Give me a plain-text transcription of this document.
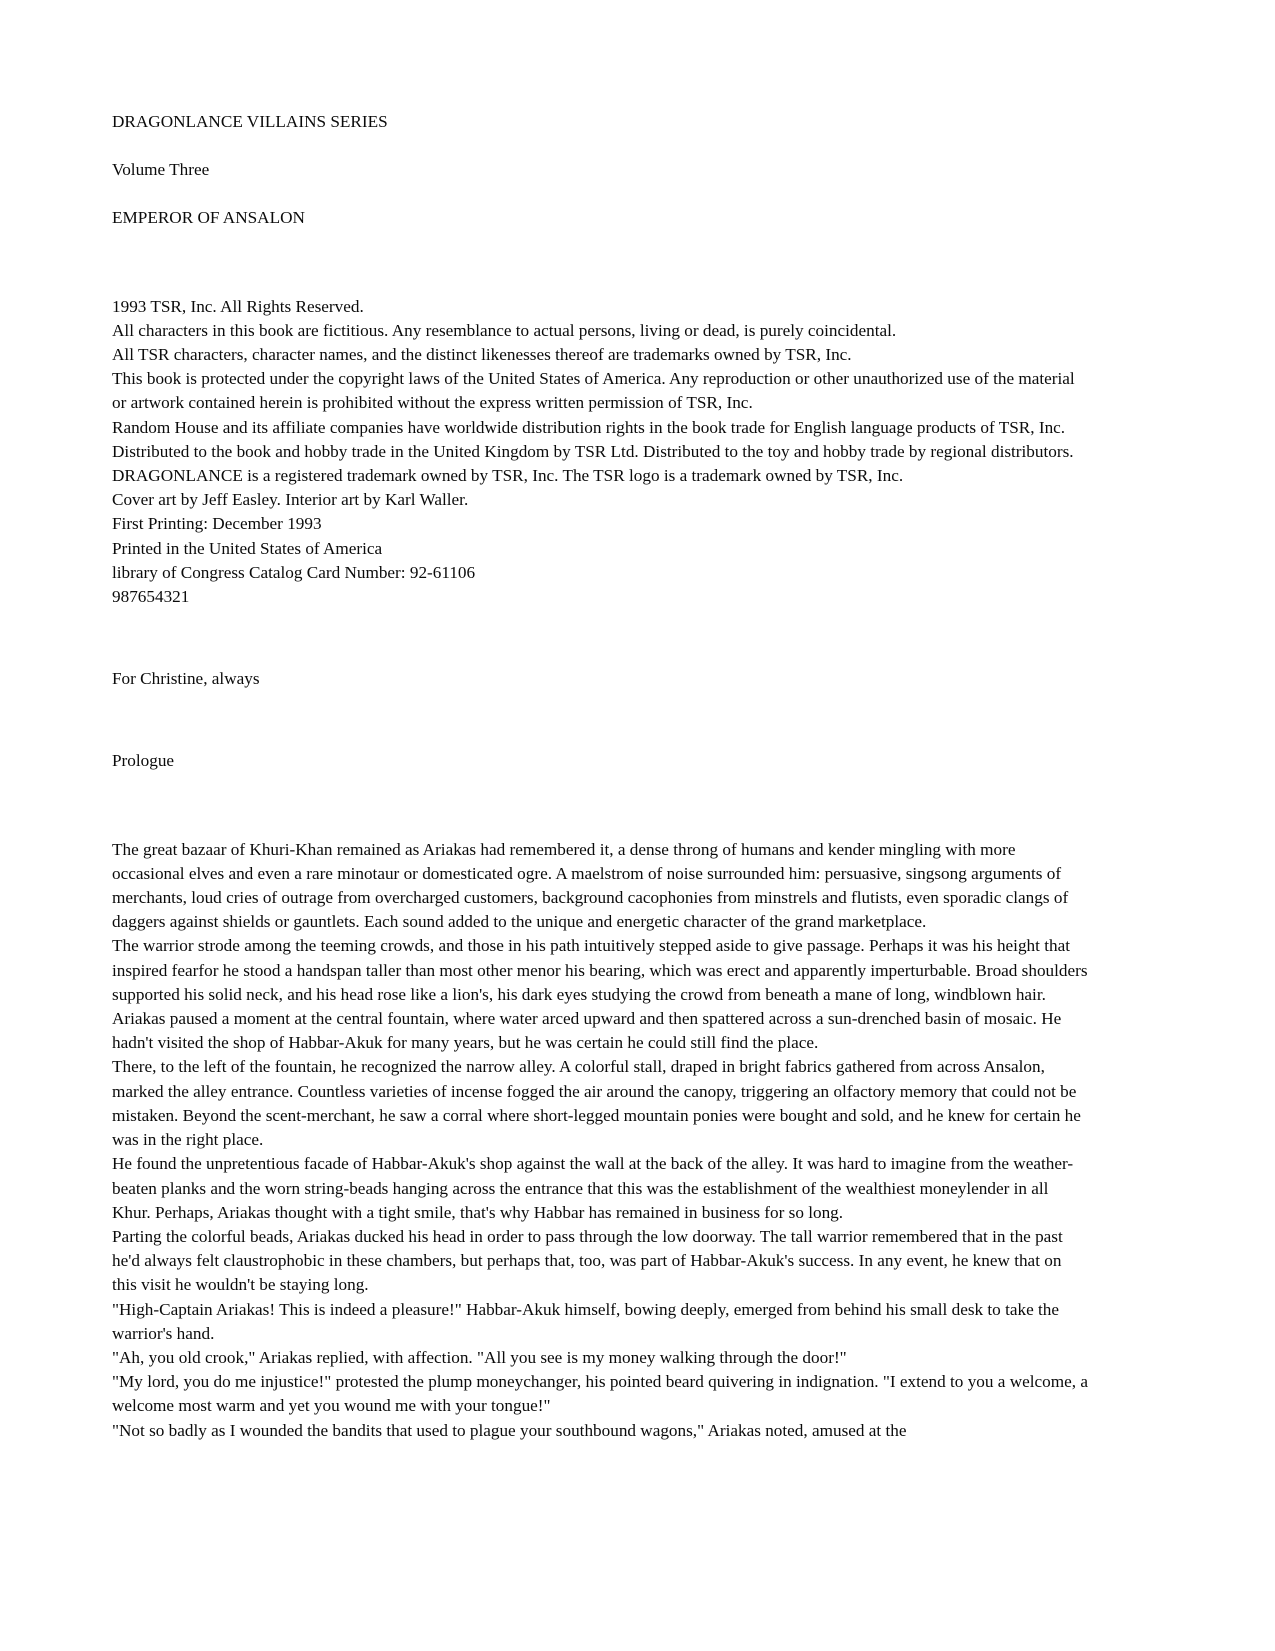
DRAGONLANCE VILLAINS SERIES
Volume Three
EMPEROR OF ANSALON

1993 TSR, Inc. All Rights Reserved.

All characters in this book are fictitious. Any resemblance to actual persons, living or dead, is purely coincidental.

All TSR characters, character names, and the distinct likenesses thereof are trademarks owned by TSR, Inc.

This book is protected under the copyright laws of the United States of America. Any reproduction or other unauthorized use of the material or artwork contained herein is prohibited without the express written permission of TSR, Inc.

Random House and its affiliate companies have worldwide distribution rights in the book trade for English language products of TSR, Inc.

Distributed to the book and hobby trade in the United Kingdom by TSR Ltd. Distributed to the toy and hobby trade by regional distributors.

DRAGONLANCE is a registered trademark owned by TSR, Inc. The TSR logo is a trademark owned by TSR, Inc.

Cover art by Jeff Easley. Interior art by Karl Waller.

First Printing: December 1993

Printed in the United States of America

library of Congress Catalog Card Number: 92-61106

987654321

For Christine, always
Prologue

The great bazaar of Khuri-Khan remained as Ariakas had remembered it, a dense throng of humans and kender mingling with more occasional elves and even a rare minotaur or domesticated ogre. A maelstrom of noise surrounded him: persuasive, singsong arguments of merchants, loud cries of outrage from overcharged customers, background cacophonies from minstrels and flutists, even sporadic clangs of daggers against shields or gauntlets. Each sound added to the unique and energetic character of the grand marketplace.

The warrior strode among the teeming crowds, and those in his path intuitively stepped aside to give passage. Perhaps it was his height that inspired fearfor he stood a handspan taller than most other menor his bearing, which was erect and apparently imperturbable. Broad shoulders supported his solid neck, and his head rose like a lion's, his dark eyes studying the crowd from beneath a mane of long, windblown hair.

Ariakas paused a moment at the central fountain, where water arced upward and then spattered across a sun-drenched basin of mosaic. He hadn't visited the shop of Habbar-Akuk for many years, but he was certain he could still find the place.

There, to the left of the fountain, he recognized the narrow alley. A colorful stall, draped in bright fabrics gathered from across Ansalon, marked the alley entrance. Countless varieties of incense fogged the air around the canopy, triggering an olfactory memory that could not be mistaken. Beyond the scent-merchant, he saw a corral where short-legged mountain ponies were bought and sold, and he knew for certain he was in the right place.

He found the unpretentious facade of Habbar-Akuk's shop against the wall at the back of the alley. It was hard to imagine from the weather-beaten planks and the worn string-beads hanging across the entrance that this was the establishment of the wealthiest moneylender in all Khur. Perhaps, Ariakas thought with a tight smile, that's why Habbar has remained in business for so long.

Parting the colorful beads, Ariakas ducked his head in order to pass through the low doorway. The tall warrior remembered that in the past he'd always felt claustrophobic in these chambers, but perhaps that, too, was part of Habbar-Akuk's success. In any event, he knew that on this visit he wouldn't be staying long.

"High-Captain Ariakas! This is indeed a pleasure!" Habbar-Akuk himself, bowing deeply, emerged from behind his small desk to take the warrior's hand.

"Ah, you old crook," Ariakas replied, with affection. "All you see is my money walking through the door!"

"My lord, you do me injustice!" protested the plump moneychanger, his pointed beard quivering in indignation. "I extend to you a welcome, a welcome most warm and yet you wound me with your tongue!"

"Not so badly as I wounded the bandits that used to plague your southbound wagons," Ariakas noted, amused at the
